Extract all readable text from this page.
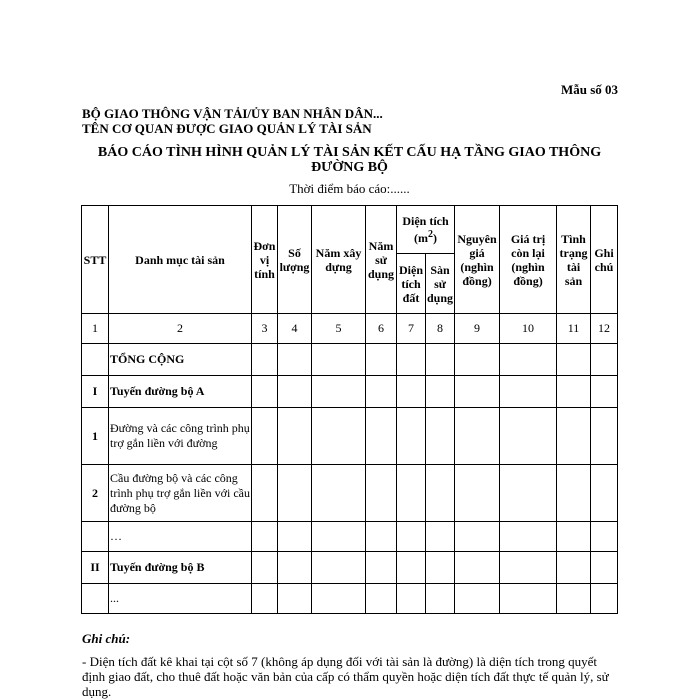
Mẫu số 03
BỘ GIAO THÔNG VẬN TẢI/ỦY BAN NHÂN DÂN...
TÊN CƠ QUAN ĐƯỢC GIAO QUẢN LÝ TÀI SẢN
BÁO CÁO TÌNH HÌNH QUẢN LÝ TÀI SẢN KẾT CẤU HẠ TẦNG GIAO THÔNG ĐƯỜNG BỘ
Thời điểm báo cáo:......
STT	Danh mục tài sản	Đơn vị tính	Số lượng	Năm xây dựng	Năm sử dụng	Diện tích $(m^2)$		Nguyên giá (nghìn đồng)	Giá trị còn lại (nghìn đồng)	Tình trạng tài sản	Ghi chú
						Diện tích đất	Sàn sử dụng				
1	2	3	4	5	6	7	8	9	10	11	12
	TỔNG CỘNG										
I	Tuyến đường bộ A										
1	Đường và các công trình phụ trợ gắn liền với đường										
2	Cầu đường bộ và các công trình phụ trợ gắn liền với cầu đường bộ										
	…										
II	Tuyến đường bộ B										
	...										
Ghi chú:
- Diện tích đất kê khai tại cột số 7 (không áp dụng đối với tài sản là đường) là diện tích trong quyết định giao đất, cho thuê đất hoặc văn bản của cấp có thẩm quyền hoặc diện tích đất thực tế quản lý, sử dụng.
